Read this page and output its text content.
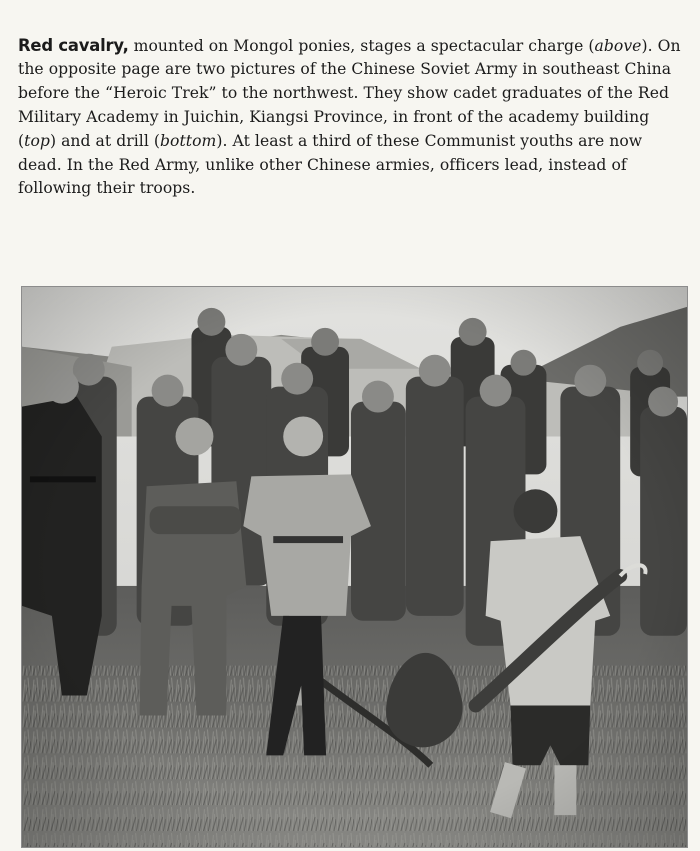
Red cavalry, mounted on Mongol ponies, stages a spectacular charge (above). On the opposite page are two pictures of the Chinese Soviet Army in southeast China before the “Heroic Trek” to the northwest. They show cadet graduates of the Red Military Academy in Juichin, Kiangsi Province, in front of the academy building (top) and at drill (bottom). At least a third of these Communist youths are now dead. In the Red Army, unlike other Chinese armies, officers lead, instead of following their troops.
